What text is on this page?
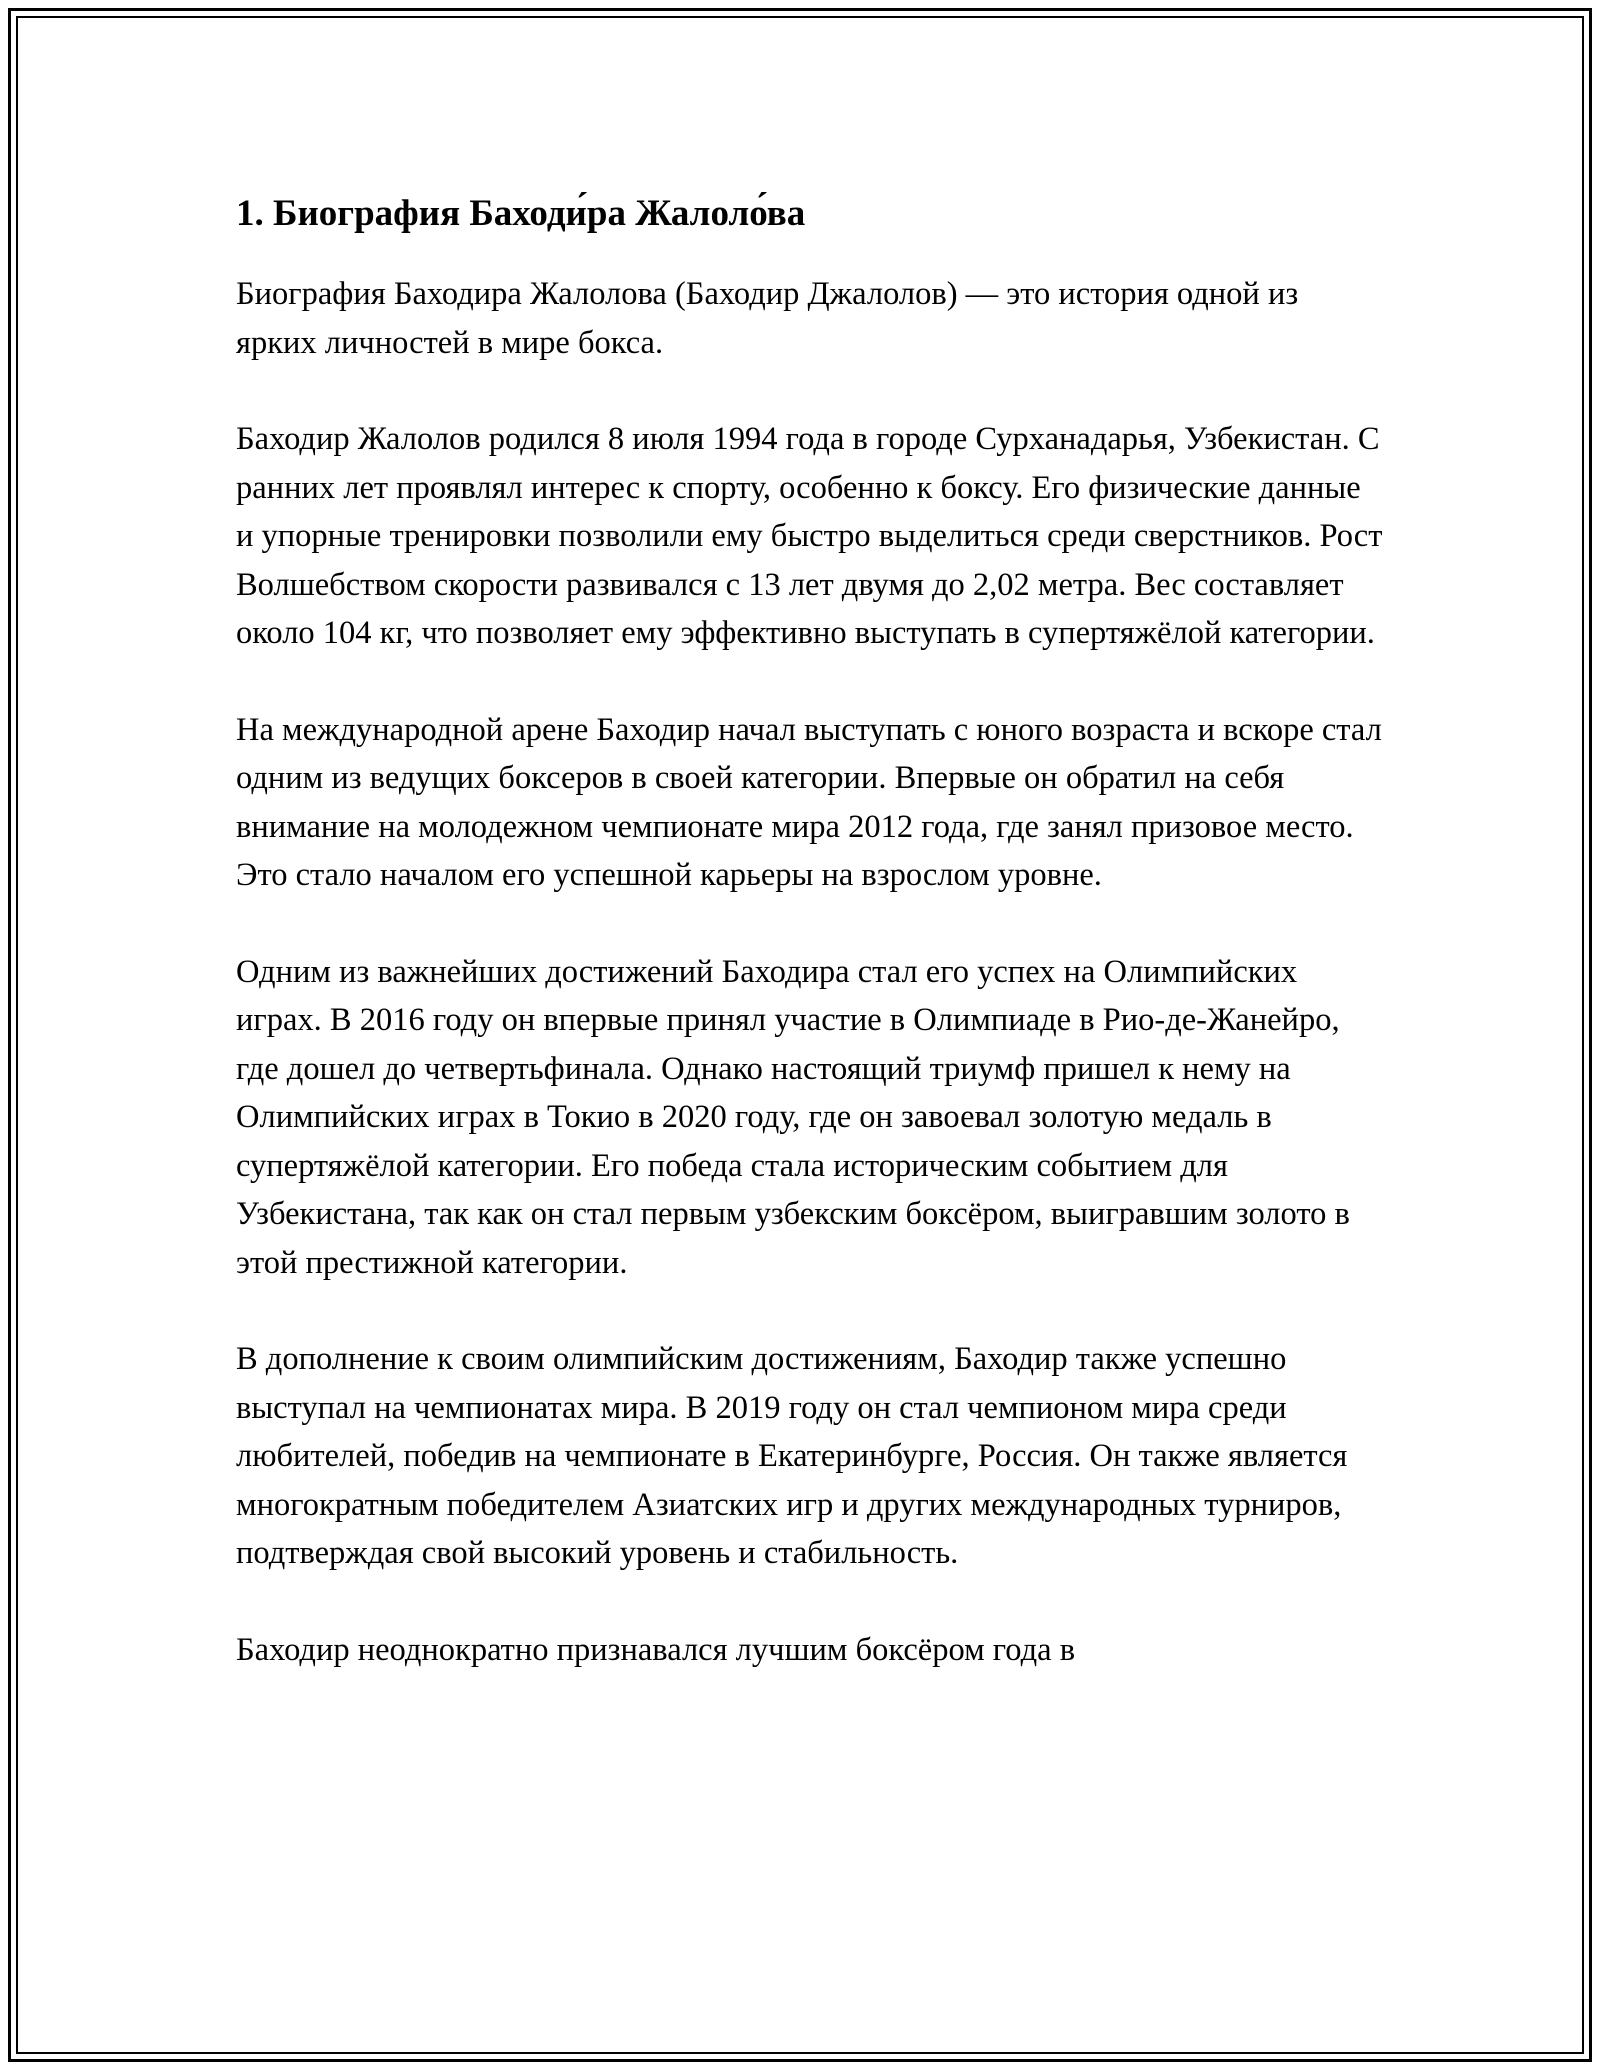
1. Биография Баходи́ра Жалоло́ва

Биография Баходира Жалолова (Баходир Джалолов) — это история одной из ярких личностей в мире бокса.

Баходир Жалолов родился 8 июля 1994 года в городе Сурханадарья, Узбекистан. С ранних лет проявлял интерес к спорту, особенно к боксу. Его физические данные и упорные тренировки позволили ему быстро выделиться среди сверстников. Рост Волшебством скорости развивался с 13 лет двумя до 2,02 метра. Вес составляет около 104 кг, что позволяет ему эффективно выступать в супертяжёлой категории.

На международной арене Баходир начал выступать с юного возраста и вскоре стал одним из ведущих боксеров в своей категории. Впервые он обратил на себя внимание на молодежном чемпионате мира 2012 года, где занял призовое место. Это стало началом его успешной карьеры на взрослом уровне.

Одним из важнейших достижений Баходира стал его успех на Олимпийских играх. В 2016 году он впервые принял участие в Олимпиаде в Рио-де-Жанейро, где дошел до четвертьфинала. Однако настоящий триумф пришел к нему на Олимпийских играх в Токио в 2020 году, где он завоевал золотую медаль в супертяжёлой категории. Его победа стала историческим событием для Узбекистана, так как он стал первым узбекским боксёром, выигравшим золото в этой престижной категории.

В дополнение к своим олимпийским достижениям, Баходир также успешно выступал на чемпионатах мира. В 2019 году он стал чемпионом мира среди любителей, победив на чемпионате в Екатеринбурге, Россия. Он также является многократным победителем Азиатских игр и других международных турниров, подтверждая свой высокий уровень и стабильность.

Баходир неоднократно признавался лучшим боксёром года в
